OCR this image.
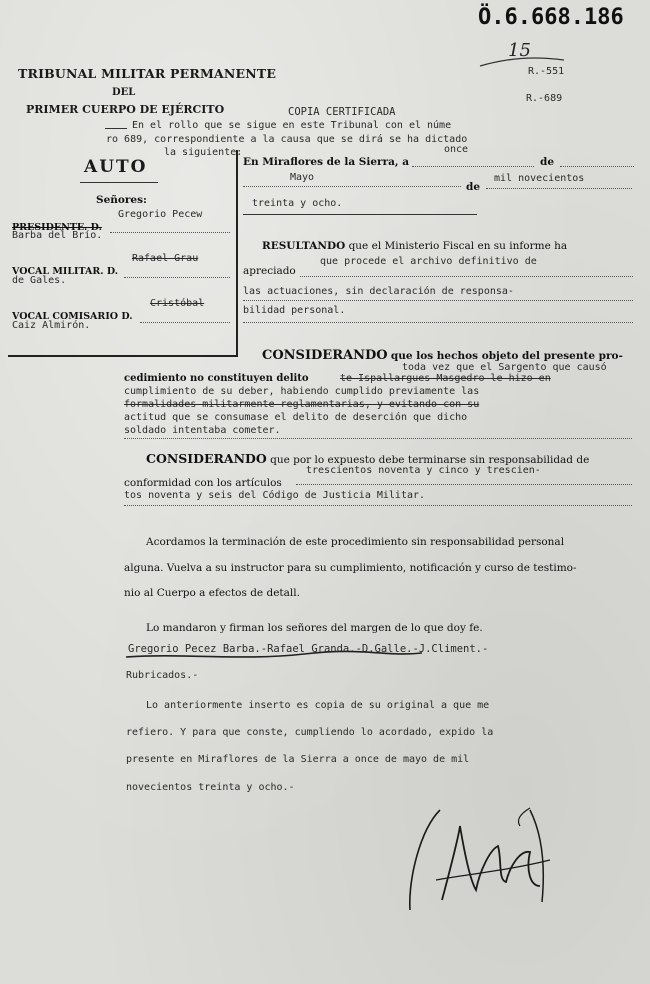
Ö.6.668.186
15
R.-551
R.-689
TRIBUNAL MILITAR PERMANENTE
DEL
PRIMER CUERPO DE EJÉRCITO	COPIA CERTIFICADA
En el rollo que se sigue en este Tribunal con el núme
ro 689, correspondiente a la causa que se dirá se ha dictado
la siguiente:
AUTO
Señores:
Gregorio Pecew
PRESIDENTE. D.
Barba del Brío.
Rafael Grau
VOCAL MILITAR. D.
de Gales.
Cristóbal
VOCAL COMISARIO D.
Caiz Almirón.
En Miraflores de la Sierra, a
once
de
Mayo
de
mil novecientos
treinta y ocho.
RESULTANDO que el Ministerio Fiscal en su informe ha
apreciado
que procede el archivo definitivo de
las actuaciones, sin declaración de responsa-
bilidad personal.
CONSIDERANDO que los hechos objeto del presente pro-
toda vez que el Sargento que causó
cedimiento no constituyen delito	te Ispallargues Masgedro le hizo en
cumplimiento de su deber, habiendo cumplido previamente las
formalidades militarmente reglamentarias, y evitando con su
actitud que se consumase el delito de deserción que dicho
soldado intentaba cometer.
CONSIDERANDO que por lo expuesto debe terminarse sin responsabilidad de
trescientos noventa y cinco y trescien-
conformidad con los artículos
tos noventa y seis del Código de Justicia Militar.
Acordamos la terminación de este procedimiento sin responsabilidad personal
alguna. Vuelva a su instructor para su cumplimiento, notificación y curso de testimo-
nio al Cuerpo a efectos de detall.
Lo mandaron y firman los señores del margen de lo que doy fe.
Gregorio Pecez Barba.-Rafael Granda.-D.Galle.-J.Climent.-
Rubricados.-
Lo anteriormente inserto es copia de su original a que me
refiero. Y para que conste, cumpliendo lo acordado, expido la
presente en Miraflores de la Sierra a once de mayo de mil
novecientos treinta y ocho.-
